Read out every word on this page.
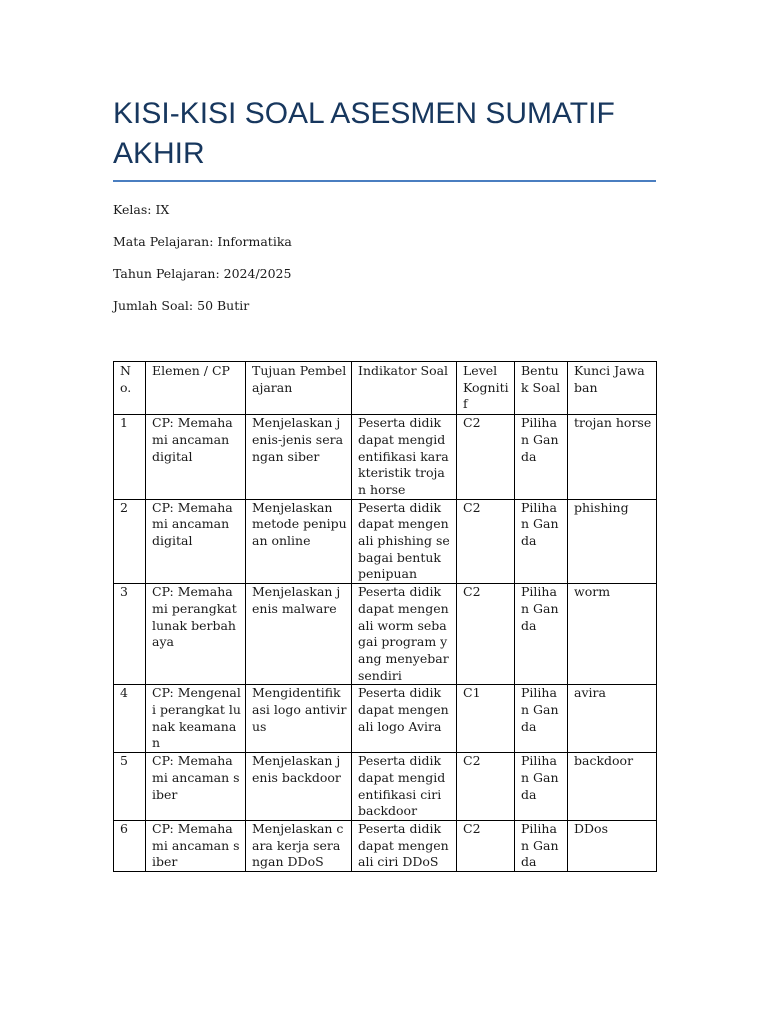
KISI-KISI SOAL ASESMEN SUMATIF AKHIR

Kelas: IX

Mata Pelajaran: Informatika

Tahun Pelajaran: 2024/2025

Jumlah Soal: 50 Butir

No.	Elemen / CP	Tujuan Pembelajaran	Indikator Soal	Level Kognitif	Bentuk Soal	Kunci Jawaban
1	CP: Memahami ancaman digital	Menjelaskan jenis-jenis serangan siber	Peserta didik dapat mengidentifikasi karakteristik trojan horse	C2	Pilihan Ganda	trojan horse
2	CP: Memahami ancaman digital	Menjelaskan metode penipuan online	Peserta didik dapat mengenali phishing sebagai bentuk penipuan	C2	Pilihan Ganda	phishing
3	CP: Memahami perangkat lunak berbahaya	Menjelaskan jenis malware	Peserta didik dapat mengenali worm sebagai program yang menyebar sendiri	C2	Pilihan Ganda	worm
4	CP: Mengenali perangkat lunak keamanan	Mengidentifikasi logo antivirus	Peserta didik dapat mengenali logo Avira	C1	Pilihan Ganda	avira
5	CP: Memahami ancaman siber	Menjelaskan jenis backdoor	Peserta didik dapat mengidentifikasi ciri backdoor	C2	Pilihan Ganda	backdoor
6	CP: Memahami ancaman siber	Menjelaskan cara kerja serangan DDoS	Peserta didik dapat mengenali ciri DDoS	C2	Pilihan Ganda	DDos
